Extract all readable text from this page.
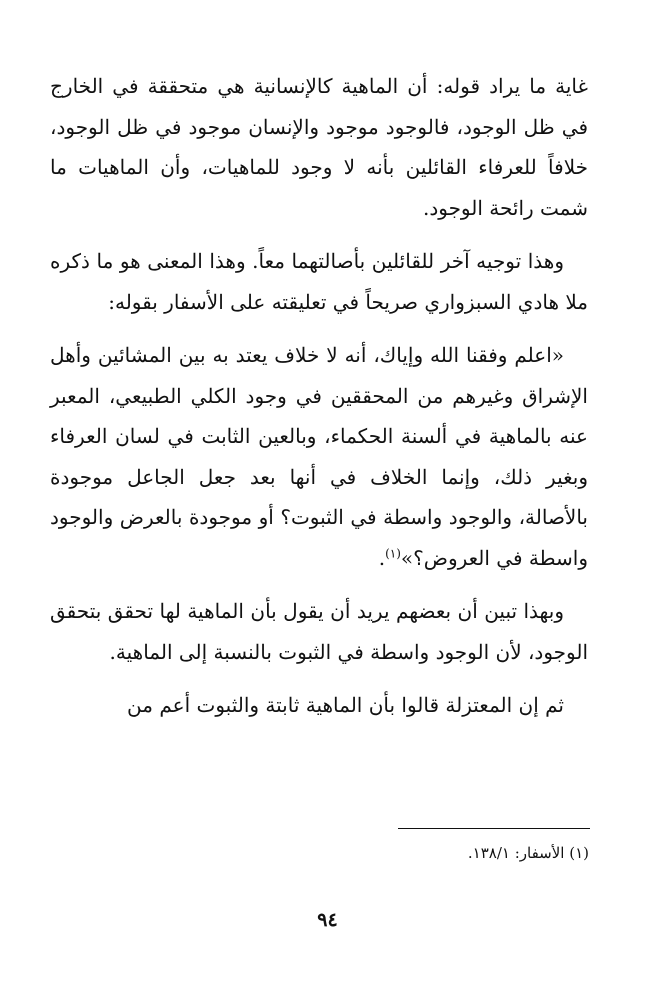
غاية ما يراد قوله: أن الماهية كالإنسانية هي متحققة في الخارج في ظل الوجود، فالوجود موجود والإنسان موجود في ظل الوجود، خلافاً للعرفاء القائلين بأنه لا وجود للماهيات، وأن الماهيات ما شمت رائحة الوجود.

وهذا توجيه آخر للقائلين بأصالتهما معاً. وهذا المعنى هو ما ذكره ملا هادي السبزواري صريحاً في تعليقته على الأسفار بقوله:

«اعلم وفقنا الله وإياك، أنه لا خلاف يعتد به بين المشائين وأهل الإشراق وغيرهم من المحققين في وجود الكلي الطبيعي، المعبر عنه بالماهية في ألسنة الحكماء، وبالعين الثابت في لسان العرفاء وبغير ذلك، وإنما الخلاف في أنها بعد جعل الجاعل موجودة بالأصالة، والوجود واسطة في الثبوت؟ أو موجودة بالعرض والوجود واسطة في العروض؟»$^{(١)}$.

وبهذا تبين أن بعضهم يريد أن يقول بأن الماهية لها تحقق بتحقق الوجود، لأن الوجود واسطة في الثبوت بالنسبة إلى الماهية.

ثم إن المعتزلة قالوا بأن الماهية ثابتة والثبوت أعم من

(١) الأسفار: ١٣٨/١.
٩٤
